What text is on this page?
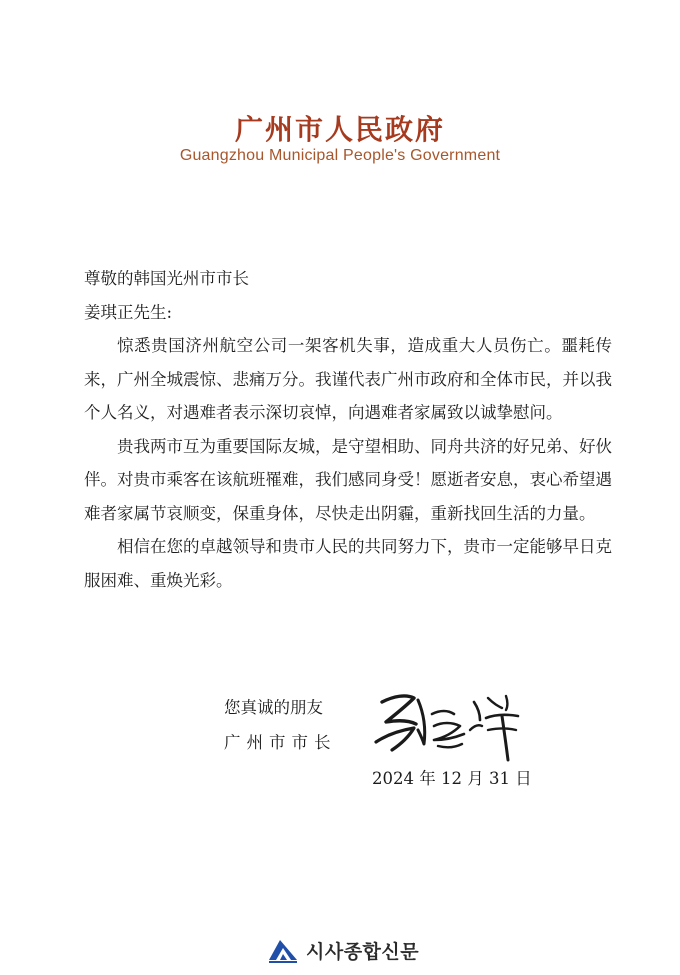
广州市人民政府
Guangzhou Municipal People's Government

尊敬的韩国光州市市长

姜琪正先生:

惊悉贵国济州航空公司一架客机失事，造成重大人员伤亡。噩耗传来，广州全城震惊、悲痛万分。我谨代表广州市政府和全体市民，并以我个人名义，对遇难者表示深切哀悼，向遇难者家属致以诚挚慰问。

贵我两市互为重要国际友城，是守望相助、同舟共济的好兄弟、好伙伴。对贵市乘客在该航班罹难，我们感同身受！愿逝者安息，衷心希望遇难者家属节哀顺变，保重身体，尽快走出阴霾，重新找回生活的力量。

相信在您的卓越领导和贵市人民的共同努力下，贵市一定能够早日克服困难、重焕光彩。

您真诚的朋友
广州市市长
2024 年 12 月 31 日
시사종합신문
